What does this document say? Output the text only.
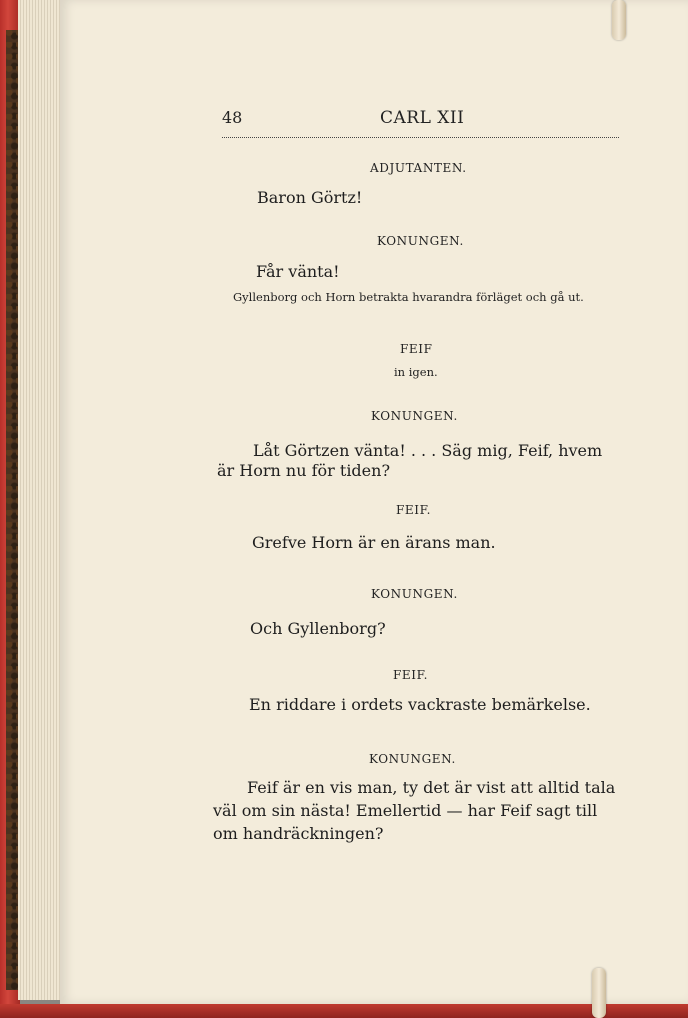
48	CARL XII
ADJUTANTEN.
Baron Görtz!
KONUNGEN.
Får vänta!
Gyllenborg och Horn betrakta hvarandra förläget och gå ut.
FEIF
in igen.
KONUNGEN.
Låt Görtzen vänta! . . . Säg mig, Feif, hvem
är Horn nu för tiden?
FEIF.
Grefve Horn är en ärans man.
KONUNGEN.
Och Gyllenborg?
FEIF.
En riddare i ordets vackraste bemärkelse.
KONUNGEN.
Feif är en vis man, ty det är vist att alltid tala
väl om sin nästa! Emellertid — har Feif sagt till
om handräckningen?
